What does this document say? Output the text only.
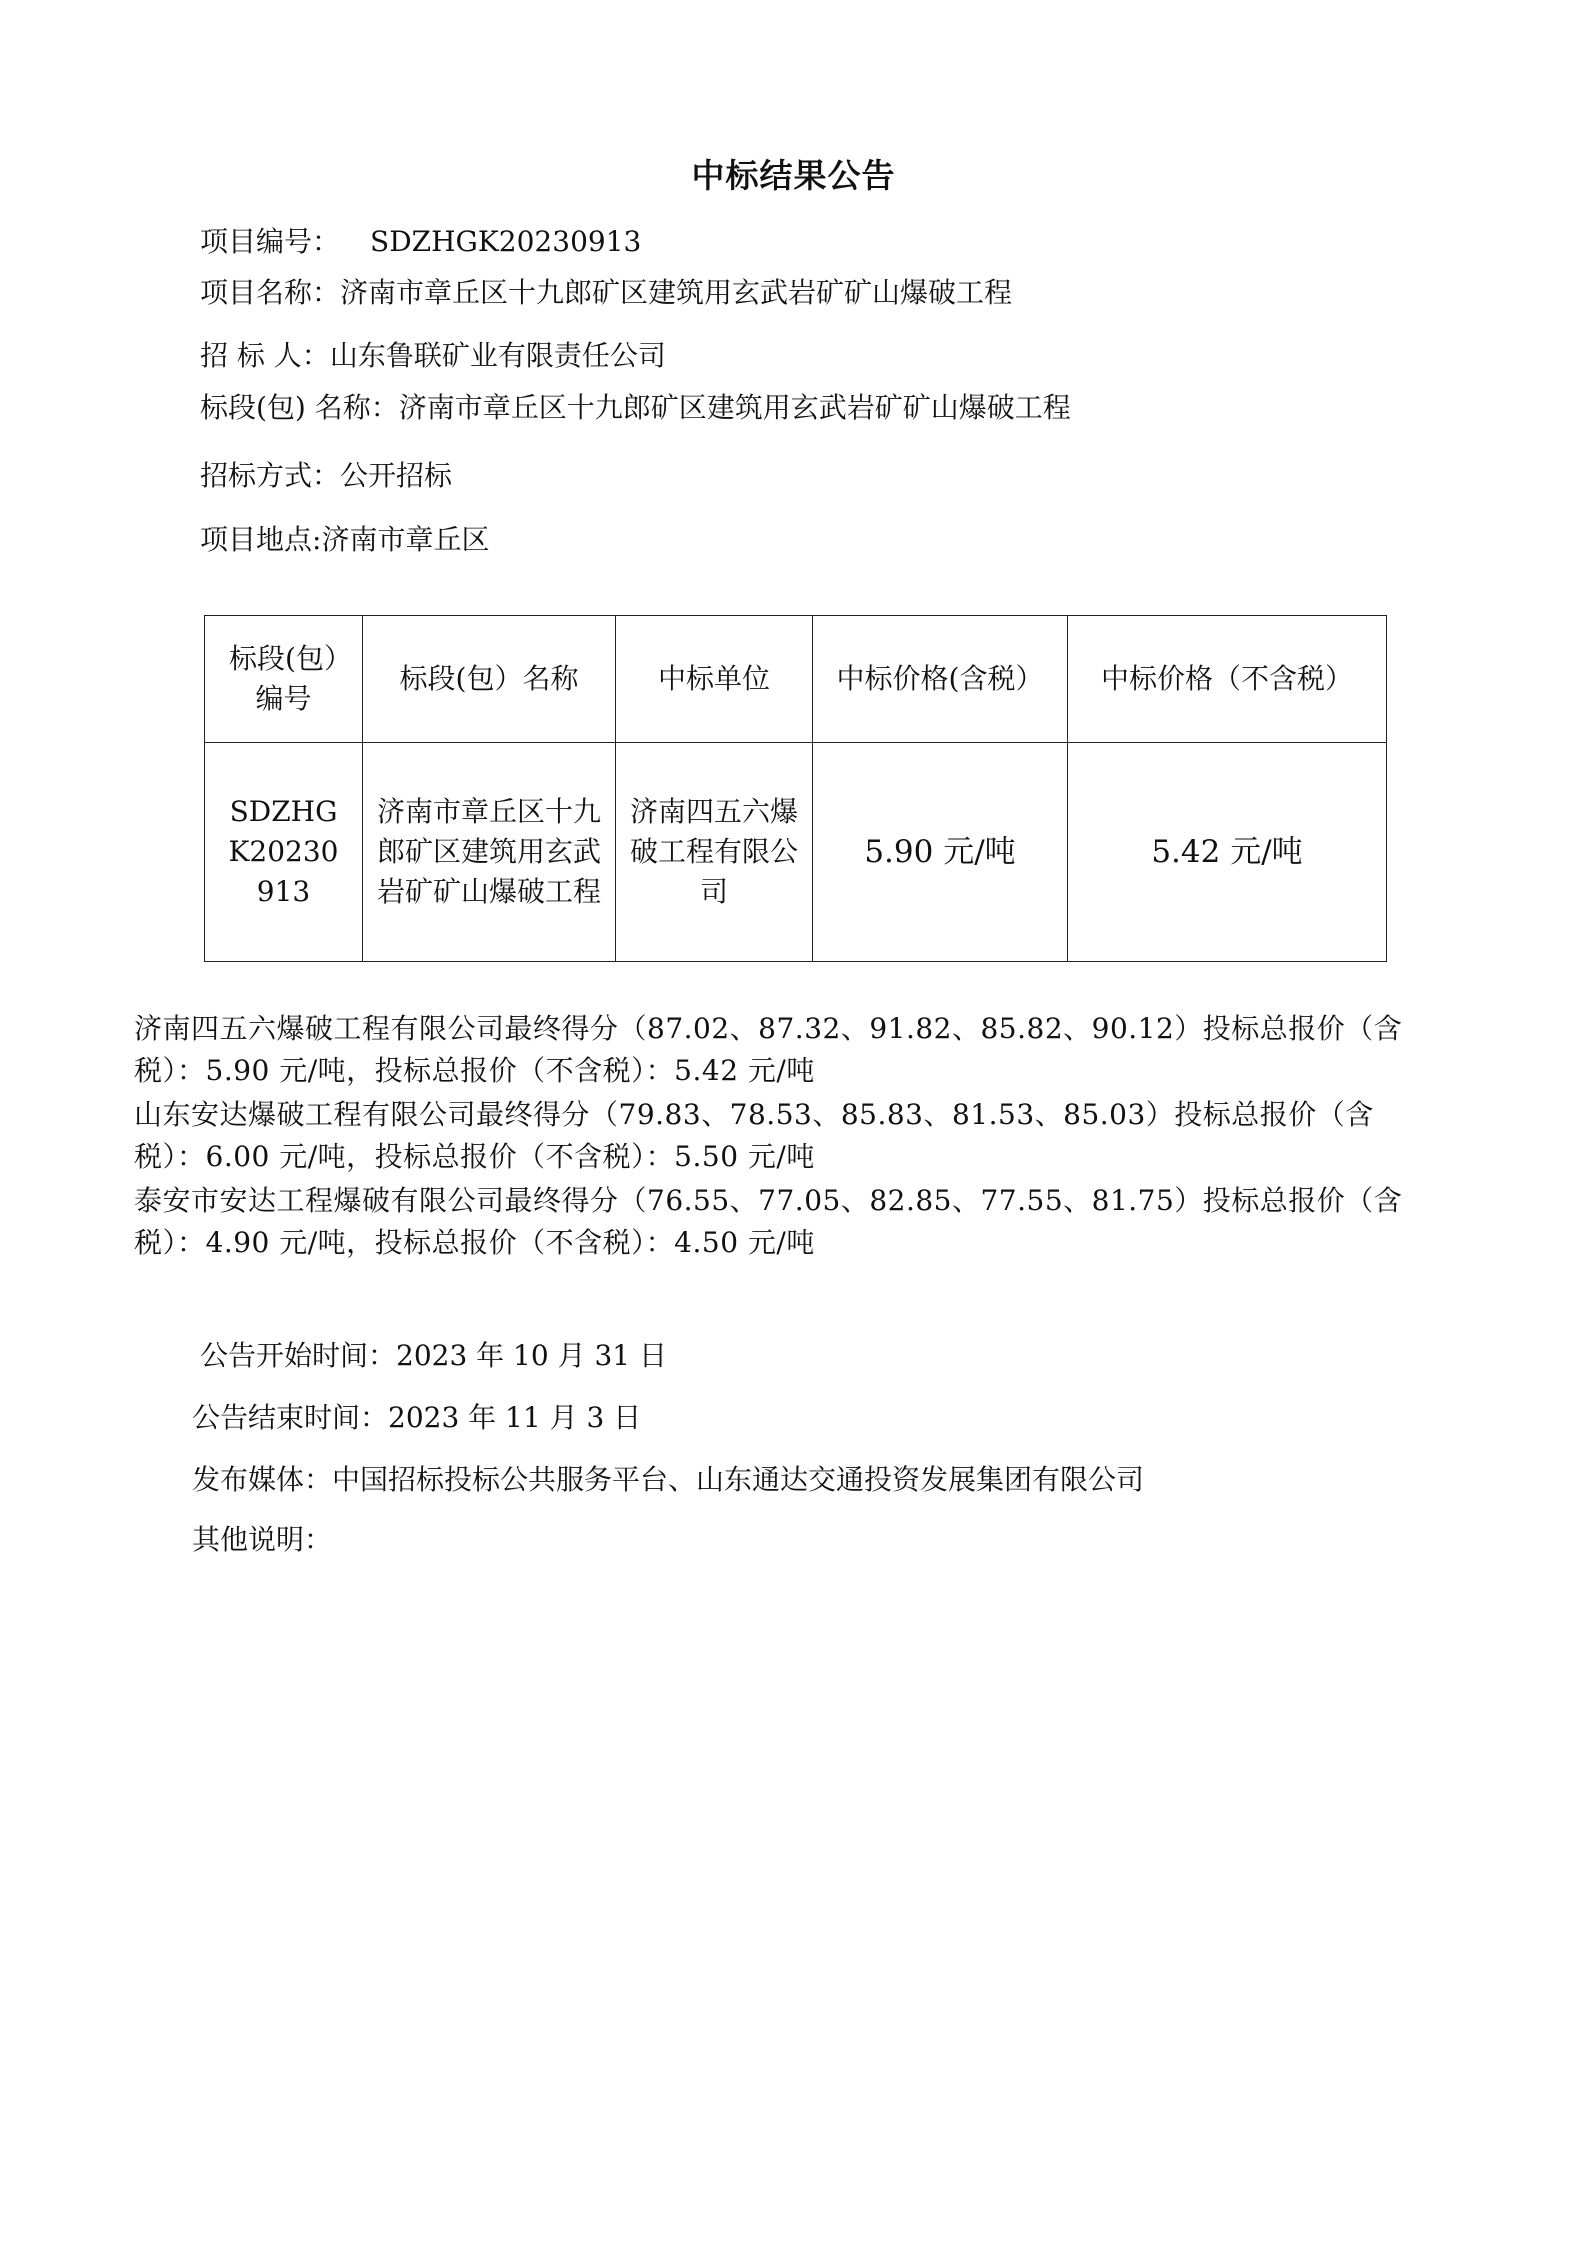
中标结果公告
项目编号： SDZHGK20230913
项目名称：济南市章丘区十九郎矿区建筑用玄武岩矿矿山爆破工程
招 标 人：山东鲁联矿业有限责任公司
标段(包) 名称：济南市章丘区十九郎矿区建筑用玄武岩矿矿山爆破工程
招标方式：公开招标
项目地点:济南市章丘区
标段(包）编号	标段(包）名称	中标单位	中标价格(含税）	中标价格（不含税）
SDZHGK20230913	济南市章丘区十九郎矿区建筑用玄武岩矿矿山爆破工程	济南四五六爆破工程有限公司	5.90 元/吨	5.42 元/吨
济南四五六爆破工程有限公司最终得分（87.02、87.32、91.82、85.82、90.12）投标总报价（含
税）：5.90 元/吨，投标总报价（不含税）：5.42 元/吨
山东安达爆破工程有限公司最终得分（79.83、78.53、85.83、81.53、85.03）投标总报价（含
税）：6.00 元/吨，投标总报价（不含税）：5.50 元/吨
泰安市安达工程爆破有限公司最终得分（76.55、77.05、82.85、77.55、81.75）投标总报价（含
税）：4.90 元/吨，投标总报价（不含税）：4.50 元/吨
公告开始时间：2023 年 10 月 31 日
公告结束时间：2023 年 11 月 3 日
发布媒体：中国招标投标公共服务平台、山东通达交通投资发展集团有限公司
其他说明：
